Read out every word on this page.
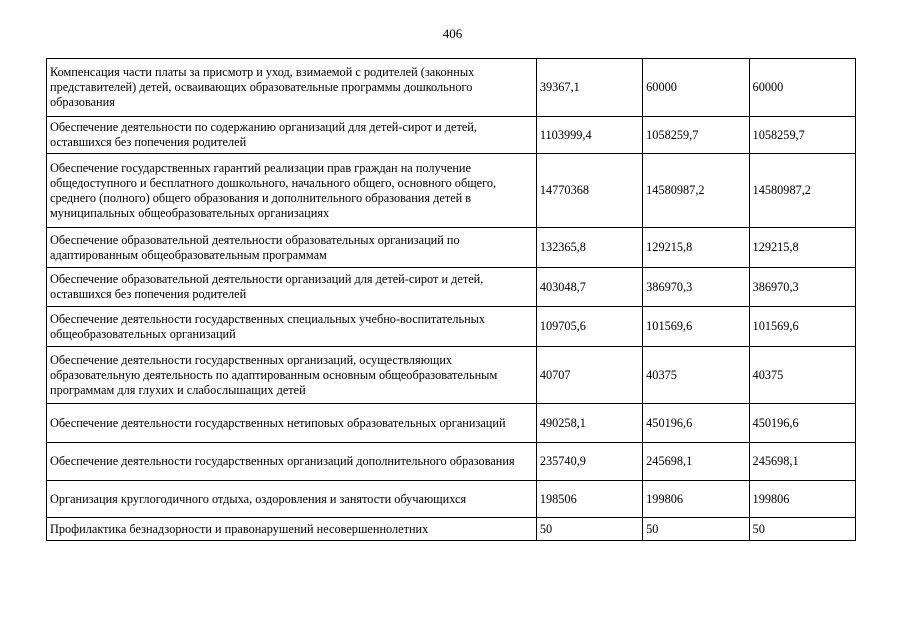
406
Компенсация части платы за присмотр и уход, взимаемой с родителей (законных представителей) детей, осваивающих образовательные программы дошкольного образования	39367,1	60000	60000
Обеспечение деятельности по содержанию организаций для детей-сирот и детей, оставшихся без попечения родителей	1103999,4	1058259,7	1058259,7
Обеспечение государственных гарантий реализации прав граждан на получение общедоступного и бесплатного дошкольного, начального общего, основного общего, среднего (полного) общего образования и дополнительного образования детей в муниципальных общеобразовательных организациях	14770368	14580987,2	14580987,2
Обеспечение образовательной деятельности образовательных организаций по адаптированным общеобразовательным программам	132365,8	129215,8	129215,8
Обеспечение образовательной деятельности организаций для детей-сирот и детей, оставшихся без попечения родителей	403048,7	386970,3	386970,3
Обеспечение деятельности государственных специальных учебно-воспитательных общеобразовательных организаций	109705,6	101569,6	101569,6
Обеспечение деятельности государственных организаций, осуществляющих образовательную деятельность по адаптированным основным общеобразовательным программам для глухих и слабослышащих детей	40707	40375	40375
Обеспечение деятельности государственных нетиповых образовательных организаций	490258,1	450196,6	450196,6
Обеспечение деятельности государственных организаций дополнительного образования	235740,9	245698,1	245698,1
Организация круглогодичного отдыха, оздоровления и занятости обучающихся	198506	199806	199806
Профилактика безнадзорности и правонарушений несовершеннолетних	50	50	50
